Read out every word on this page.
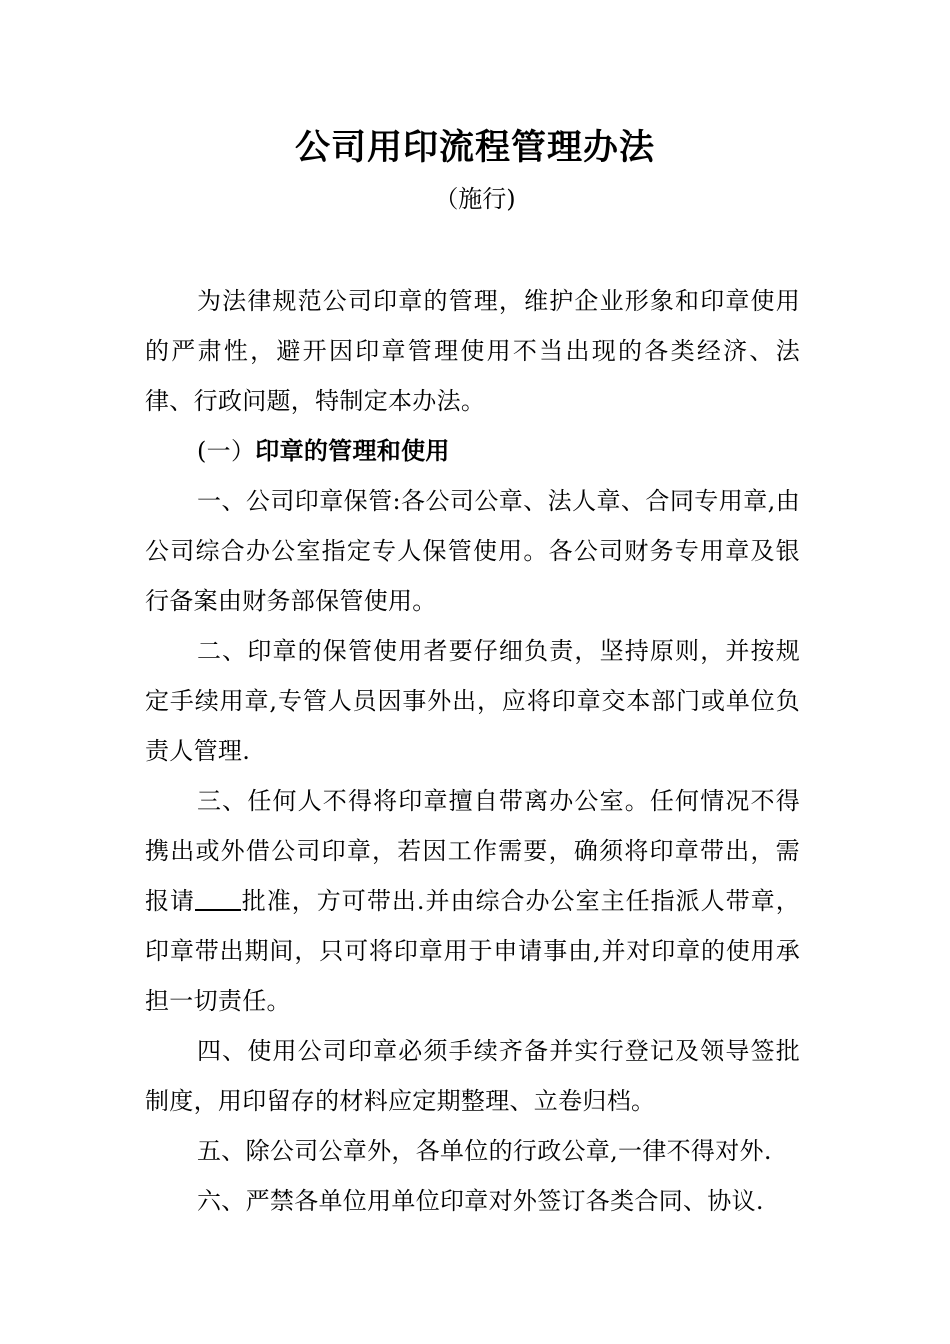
公司用印流程管理办法
（施行)

为法律规范公司印章的管理，维护企业形象和印章使用的严肃性，避开因印章管理使用不当出现的各类经济、法律、行政问题，特制定本办法。

(一）印章的管理和使用

一、公司印章保管:各公司公章、法人章、合同专用章,由公司综合办公室指定专人保管使用。各公司财务专用章及银行备案由财务部保管使用。

二、印章的保管使用者要仔细负责，坚持原则，并按规定手续用章,专管人员因事外出，应将印章交本部门或单位负责人管理.

三、任何人不得将印章擅自带离办公室。任何情况不得携出或外借公司印章，若因工作需要，确须将印章带出，需报请 批准，方可带出.并由综合办公室主任指派人带章，印章带出期间，只可将印章用于申请事由,并对印章的使用承担一切责任。

四、使用公司印章必须手续齐备并实行登记及领导签批制度，用印留存的材料应定期整理、立卷归档。

五、除公司公章外，各单位的行政公章,一律不得对外.

六、严禁各单位用单位印章对外签订各类合同、协议.
